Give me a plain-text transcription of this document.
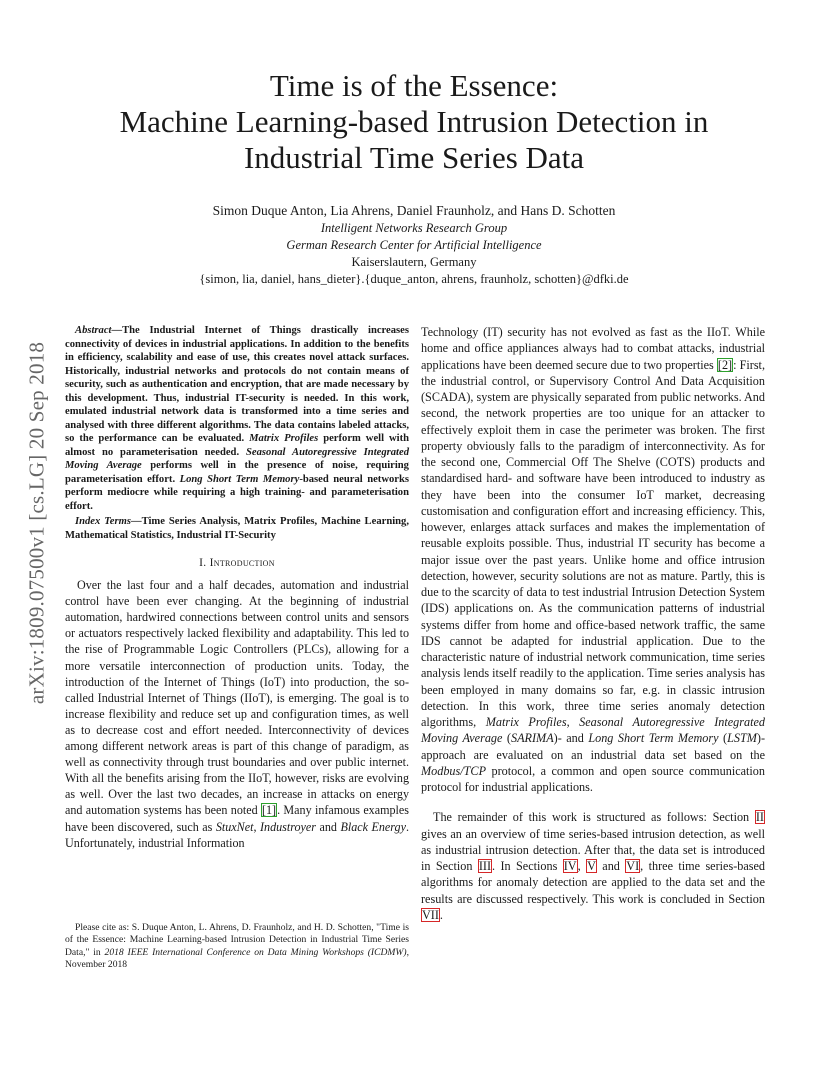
arXiv:1809.07500v1 [cs.LG] 20 Sep 2018
Time is of the Essence:
Machine Learning-based Intrusion Detection in
Industrial Time Series Data
Simon Duque Anton, Lia Ahrens, Daniel Fraunholz, and Hans D. Schotten
Intelligent Networks Research Group
German Research Center for Artificial Intelligence
Kaiserslautern, Germany
{simon, lia, daniel, hans_dieter}.{duque_anton, ahrens, fraunholz, schotten}@dfki.de

Abstract—The Industrial Internet of Things drastically increases connectivity of devices in industrial applications. In addition to the benefits in efficiency, scalability and ease of use, this creates novel attack surfaces. Historically, industrial networks and protocols do not contain means of security, such as authentication and encryption, that are made necessary by this development. Thus, industrial IT-security is needed. In this work, emulated industrial network data is transformed into a time series and analysed with three different algorithms. The data contains labeled attacks, so the performance can be evaluated. Matrix Profiles perform well with almost no parameterisation needed. Seasonal Autoregressive Integrated Moving Average performs well in the presence of noise, requiring parameterisation effort. Long Short Term Memory-based neural networks perform mediocre while requiring a high training- and parameterisation effort.

Index Terms—Time Series Analysis, Matrix Profiles, Machine Learning, Mathematical Statistics, Industrial IT-Security
I. Introduction

Over the last four and a half decades, automation and industrial control have been ever changing. At the beginning of industrial automation, hardwired connections between control units and sensors or actuators respectively lacked flexibility and adaptability. This led to the rise of Programmable Logic Controllers (PLCs), allowing for a more versatile interconnection of production units. Today, the introduction of the Internet of Things (IoT) into production, the so-called Industrial Internet of Things (IIoT), is emerging. The goal is to increase flexibility and reduce set up and configuration times, as well as to decrease cost and effort needed. Interconnectivity of devices among different network areas is part of this change of paradigm, as well as connectivity through trust boundaries and over public internet. With all the benefits arising from the IIoT, however, risks are evolving as well. Over the last two decades, an increase in attacks on energy and automation systems has been noted [1]. Many infamous examples have been discovered, such as StuxNet, Industroyer and Black Energy. Unfortunately, industrial Information

Please cite as: S. Duque Anton, L. Ahrens, D. Fraunholz, and H. D. Schotten, "Time is of the Essence: Machine Learning-based Intrusion Detection in Industrial Time Series Data," in 2018 IEEE International Conference on Data Mining Workshops (ICDMW), November 2018

Technology (IT) security has not evolved as fast as the IIoT. While home and office appliances always had to combat attacks, industrial applications have been deemed secure due to two properties [2]: First, the industrial control, or Supervisory Control And Data Acquisition (SCADA), system are physically separated from public networks. And second, the network properties are too unique for an attacker to effectively exploit them in case the perimeter was broken. The first property obviously falls to the paradigm of interconnectivity. As for the second one, Commercial Off The Shelve (COTS) products and standardised hard- and software have been introduced to industry as they have been into the consumer IoT market, decreasing customisation and configuration effort and increasing efficiency. This, however, enlarges attack surfaces and makes the implementation of reusable exploits possible. Thus, industrial IT security has become a major issue over the past years. Unlike home and office intrusion detection, however, security solutions are not as mature. Partly, this is due to the scarcity of data to test industrial Intrusion Detection System (IDS) applications on. As the communication patterns of industrial systems differ from home and office-based network traffic, the same IDS cannot be adapted for industrial application. Due to the characteristic nature of industrial network communication, time series analysis lends itself readily to the application. Time series analysis has been employed in many domains so far, e.g. in classic intrusion detection. In this work, three time series anomaly detection algorithms, Matrix Profiles, Seasonal Autoregressive Integrated Moving Average (SARIMA)- and Long Short Term Memory (LSTM)-approach are evaluated on an industrial data set based on the Modbus/TCP protocol, a common and open source communication protocol for industrial applications.

The remainder of this work is structured as follows: Section II gives an an overview of time series-based intrusion detection, as well as industrial intrusion detection. After that, the data set is introduced in Section III. In Sections IV, V and VI, three time series-based algorithms for anomaly detection are applied to the data set and the results are discussed respectively. This work is concluded in Section VII.
